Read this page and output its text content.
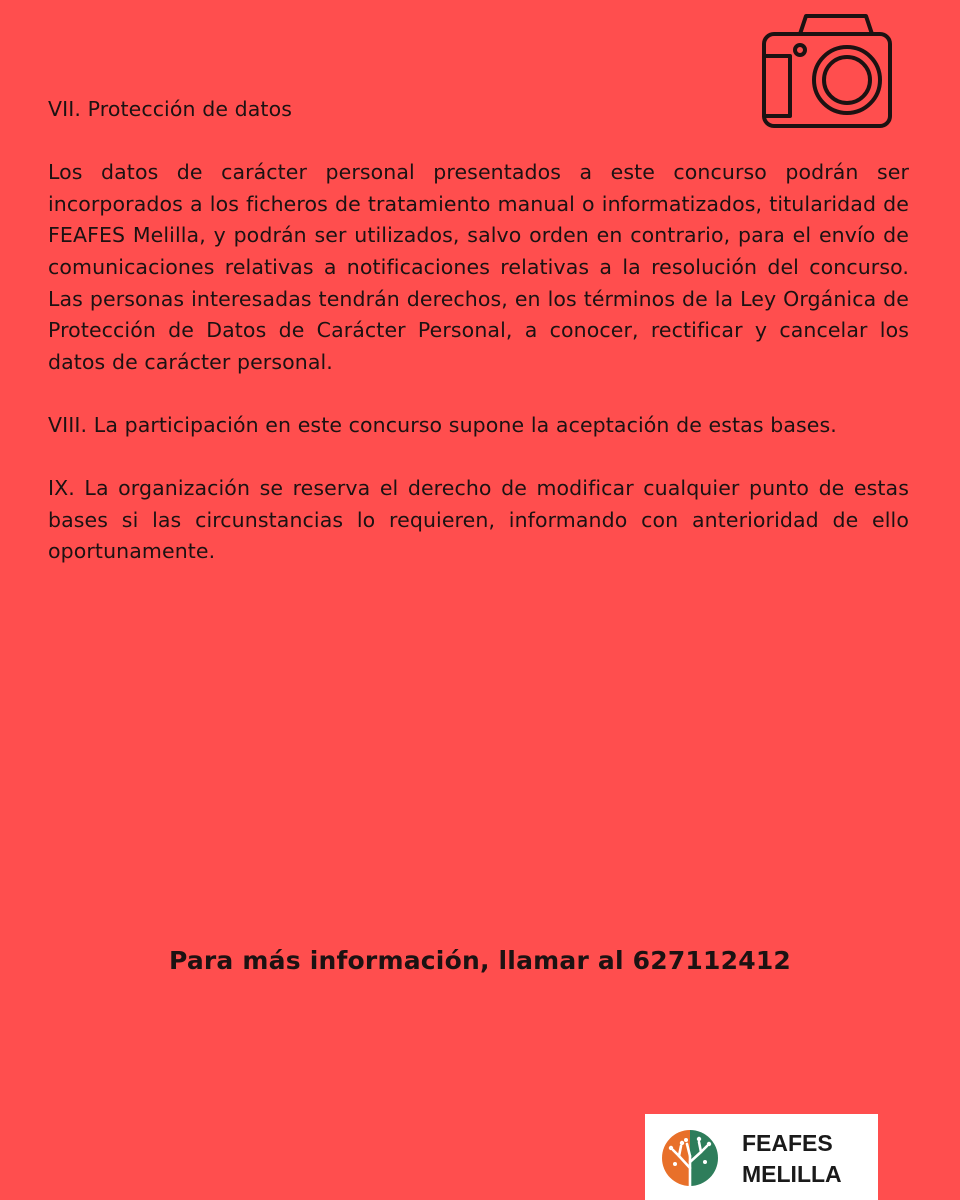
VII. Protección de datos

Los datos de carácter personal presentados a este concurso podrán ser incorporados a los ficheros de tratamiento manual o informatizados, titularidad de FEAFES Melilla, y podrán ser utilizados, salvo orden en contrario, para el envío de comunicaciones relativas a notificaciones relativas a la resolución del concurso. Las personas interesadas tendrán derechos, en los términos de la Ley Orgánica de Protección de Datos de Carácter Personal, a conocer, rectificar y cancelar los datos de carácter personal.

VIII. La participación en este concurso supone la aceptación de estas bases.

IX. La organización se reserva el derecho de modificar cualquier punto de estas bases si las circunstancias lo requieren, informando con anterioridad de ello oportunamente.

Para más información, llamar al 627112412
FEAFES
MELILLA
